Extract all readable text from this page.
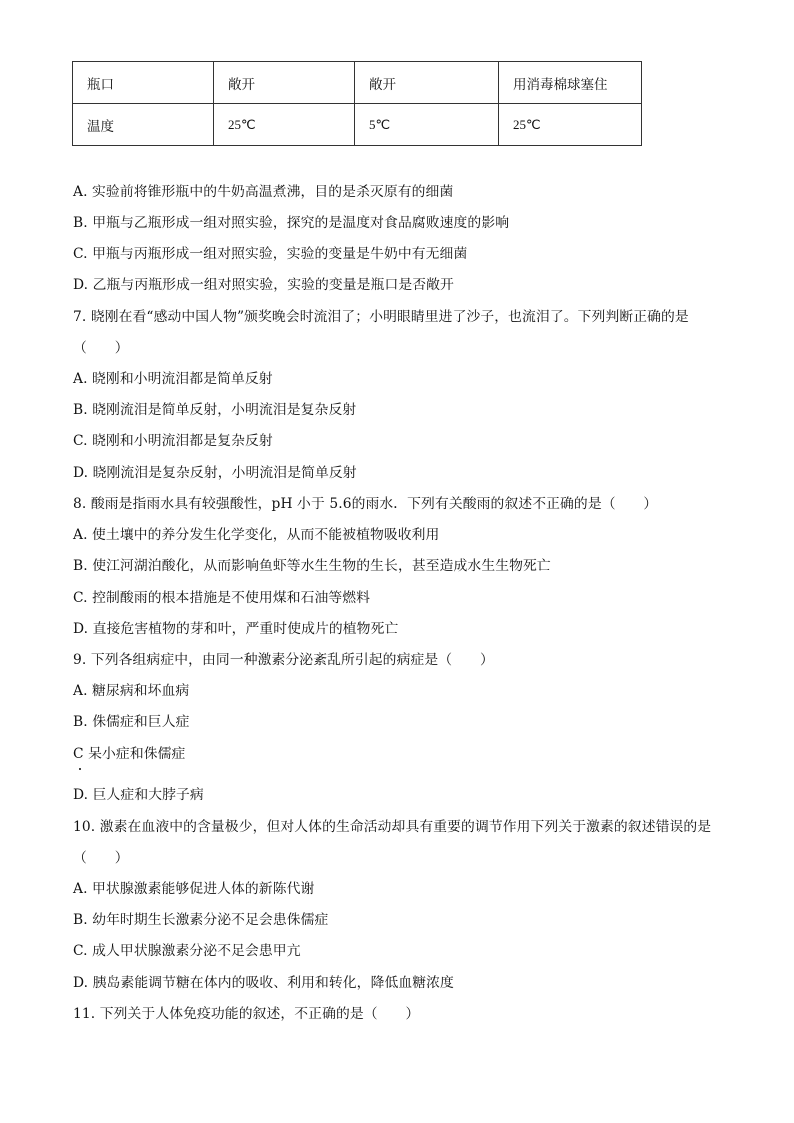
瓶口	敞开	敞开	用消毒棉球塞住
温度	25℃	5℃	25℃
A. 实验前将锥形瓶中的牛奶高温煮沸，目的是杀灭原有的细菌
B. 甲瓶与乙瓶形成一组对照实验，探究的是温度对食品腐败速度的影响
C. 甲瓶与丙瓶形成一组对照实验，实验的变量是牛奶中有无细菌
D. 乙瓶与丙瓶形成一组对照实验，实验的变量是瓶口是否敞开
7. 晓刚在看“感动中国人物”颁奖晚会时流泪了；小明眼睛里进了沙子，也流泪了。下列判断正确的是
（　　）
A. 晓刚和小明流泪都是简单反射
B. 晓刚流泪是简单反射，小明流泪是复杂反射
C. 晓刚和小明流泪都是复杂反射
D. 晓刚流泪是复杂反射，小明流泪是简单反射
8. 酸雨是指雨水具有较强酸性，pH 小于 5.6的雨水．下列有关酸雨的叙述不正确的是（　　）
A. 使土壤中的养分发生化学变化，从而不能被植物吸收利用
B. 使江河湖泊酸化，从而影响鱼虾等水生生物的生长，甚至造成水生生物死亡
C. 控制酸雨的根本措施是不使用煤和石油等燃料
D. 直接危害植物的芽和叶，严重时使成片的植物死亡
9. 下列各组病症中，由同一种激素分泌紊乱所引起的病症是（　　）
A. 糖尿病和坏血病
B. 侏儒症和巨人症
C 呆小症和侏儒症
D. 巨人症和大脖子病
10. 激素在血液中的含量极少，但对人体的生命活动却具有重要的调节作用下列关于激素的叙述错误的是
（　　）
A. 甲状腺激素能够促进人体的新陈代谢
B. 幼年时期生长激素分泌不足会患侏儒症
C. 成人甲状腺激素分泌不足会患甲亢
D. 胰岛素能调节糖在体内的吸收、利用和转化，降低血糖浓度
11. 下列关于人体免疫功能的叙述，不正确的是（　　）
